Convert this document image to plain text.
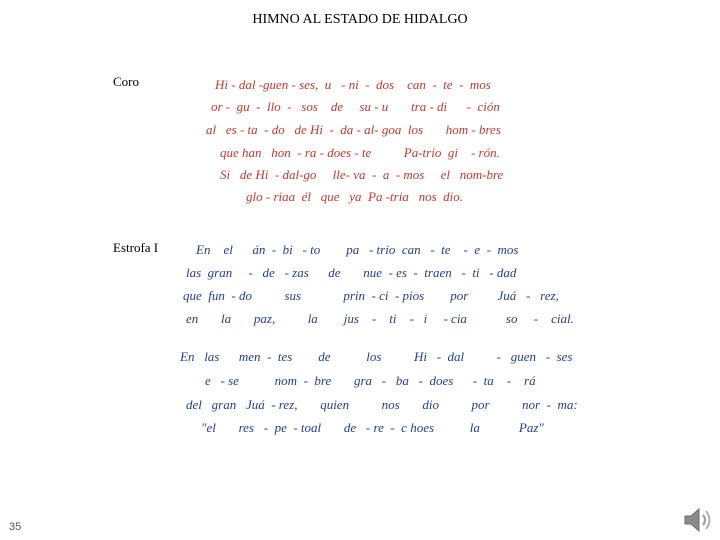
HIMNO AL ESTADO DE HIDALGO
Coro	Hi - dal -guen - ses,  u   - ni  -  dos    can  -  te  -  mos
or -  gu  -  llo  -   sos    de     su - u       tra - di      -  ción
al   es - ta  - do   de Hi  -  da - al- goa  los       hom - bres
que han   hon  - ra - does - te          Pa-trio  gi    - rón.
Si   de Hi  - dal-go     lle- va  -  a  - mos     el   nom-bre
glo - riaa  él   que   ya  Pa -tria   nos  dio.
Estrofa I	En    el      án  -  bi   - to        pa   - trio  can   -  te    -  e  -  mos
las  gran     -   de   - zas      de       nue  - es  -  traen   -  ti   - dad
que  fun  - do          sus             prin  - ci  - pios        por         Juá   -   rez,
en       la       paz,          la        jus    -    ti    -   i     - cia            so     -    cial.
En   las      men  -  tes        de           los          Hi   -  dal          -   guen   -  ses
e   - se           nom  -  bre       gra   -   ba   -  does      -  ta    -    rá
del   gran   Juá  - rez,       quien          nos       dio          por          nor  -  ma:
"el       res   -  pe  - toal       de   - re  -  c hoes           la            Paz"
35
